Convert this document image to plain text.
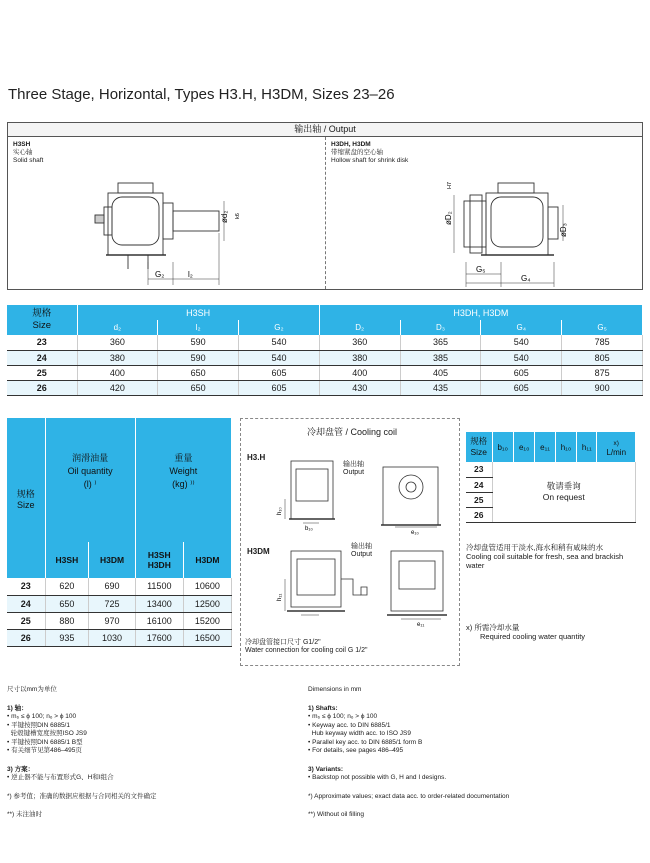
Three Stage, Horizontal, Types H3.H, H3DM, Sizes 23–26
输出轴 / Output
H3SH
实心轴
Solid shaft
ød₂ k6
G₂	l₂
H3DH, H3DM
带缩紧盘的空心轴
Hollow shaft for shrink disk
øD₂
H7
øD₃
G₅
G₄
规格
Size	H3SH			H3DH, H3DM			
	d₂	l₂	G₂	D₂	D₃	G₄	G₅
23	360	590	540	360	365	540	785
24	380	590	540	380	385	540	805
25	400	650	605	400	405	605	875
26	420	650	605	430	435	605	900
规格
Size	润滑油量
Oil quantity
(l) ⁾		重量
Weight
(kg) ⁾⁾	
	H3SH	H3DM	H3SH
H3DH	H3DM
23	620	690	11500	10600
24	650	725	13400	12500
25	880	970	16100	15200
26	935	1030	17600	16500
冷却盘管 / Cooling coil
H3.H
H3DM
输出轴
Output
输出轴
Output
h₁₀
b₁₀
e₁₀
h₁₁
e₁₁
冷却盘管接口尺寸 G1/2"
Water connection for cooling coil G 1/2"
规格
Size	b₁₀	e₁₀	e₁₁	h₁₀	h₁₁	x)
L/min
23	敬请垂询
On request					
24						
25						
26						
冷却盘管适用于淡水,海水和稍有咸味的水
Cooling coil suitable for fresh, sea and brackish water
x) 所需冷却水量
Required cooling water quantity
尺寸以mm为单位
1) 轴：
• m₆ ≤ ϕ 100; n₆ > ϕ 100
• 平键按照DIN 6885/1
轮毂键槽宽度按照ISO JS9
• 平键按照DIN 6885/1 B型
• 有关细节见第486–495页
3) 方案：
• 逆止器不能与布置形式G、H和I组合
*) 参考值；准确的数据应根据与合同相关的文件确定
**) 未注油时
Dimensions in mm
1) Shafts:
• m₆ ≤ ϕ 100; n₆ > ϕ 100
• Keyway acc. to DIN 6885/1
Hub keyway width acc. to ISO JS9
• Parallel key acc. to DIN 6885/1 form B
• For details, see pages 486–495
3) Variants:
• Backstop not possible with G, H and I designs.
*) Approximate values; exact data acc. to order-related documentation
**) Without oil filling
